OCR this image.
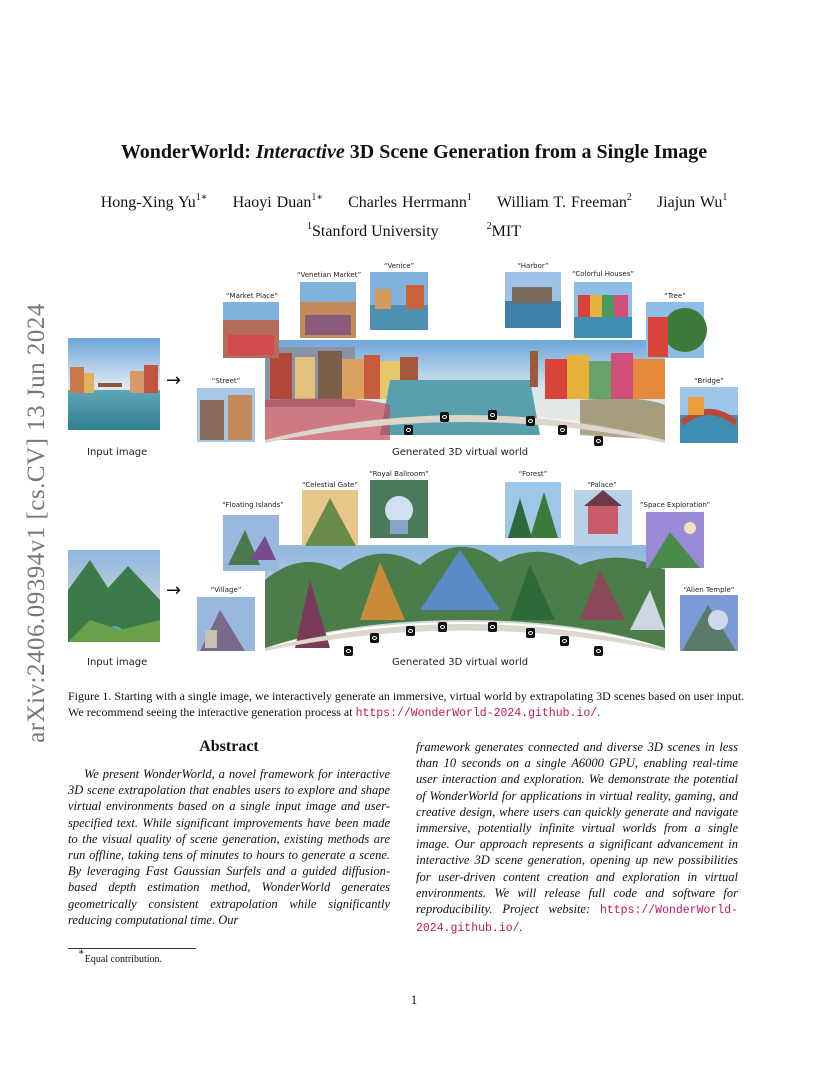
arXiv:2406.09394v1 [cs.CV] 13 Jun 2024
WonderWorld: Interactive 3D Scene Generation from a Single Image
Hong-Xing $Yu^{1∗}$ Haoyi Duan$^{1∗}$ Charles Herrmann$^1$ William T. Freeman$^2$ Jiajun Wu$^1$
$^1$Stanford University	$^2$MIT
“Market Place”
“Venetian Market”
“Venice”	“Harbor”
“Colorful Houses”
“Tree”
“Street”	“Bridge”
→
Input image	Generated 3D virtual world
“Floating Islands”
“Celestial Gate”
“Royal Ballroom”	“Forest”
“Palace”
“Space Exploration”
“Village”	“Alien Temple”
→
Input image	Generated 3D virtual world
Figure 1. Starting with a single image, we interactively generate an immersive, virtual world by extrapolating 3D scenes based on user input. We recommend seeing the interactive generation process at https://WonderWorld-2024.github.io/.
Abstract
We present WonderWorld, a novel framework for interactive 3D scene extrapolation that enables users to explore and shape virtual environments based on a single input image and user-specified text. While significant improvements have been made to the visual quality of scene generation, existing methods are run offline, taking tens of minutes to hours to generate a scene. By leveraging Fast Gaussian Surfels and a guided diffusion-based depth estimation method, WonderWorld generates geometrically consistent extrapolation while significantly reducing computational time. Our
framework generates connected and diverse 3D scenes in less than 10 seconds on a single A6000 GPU, enabling real-time user interaction and exploration. We demonstrate the potential of WonderWorld for applications in virtual reality, gaming, and creative design, where users can quickly generate and navigate immersive, potentially infinite virtual worlds from a single image. Our approach represents a significant advancement in interactive 3D scene generation, opening up new possibilities for user-driven content creation and exploration in virtual environments. We will release full code and software for reproducibility. Project website: https://WonderWorld-2024.github.io/.
∗Equal contribution.
1
